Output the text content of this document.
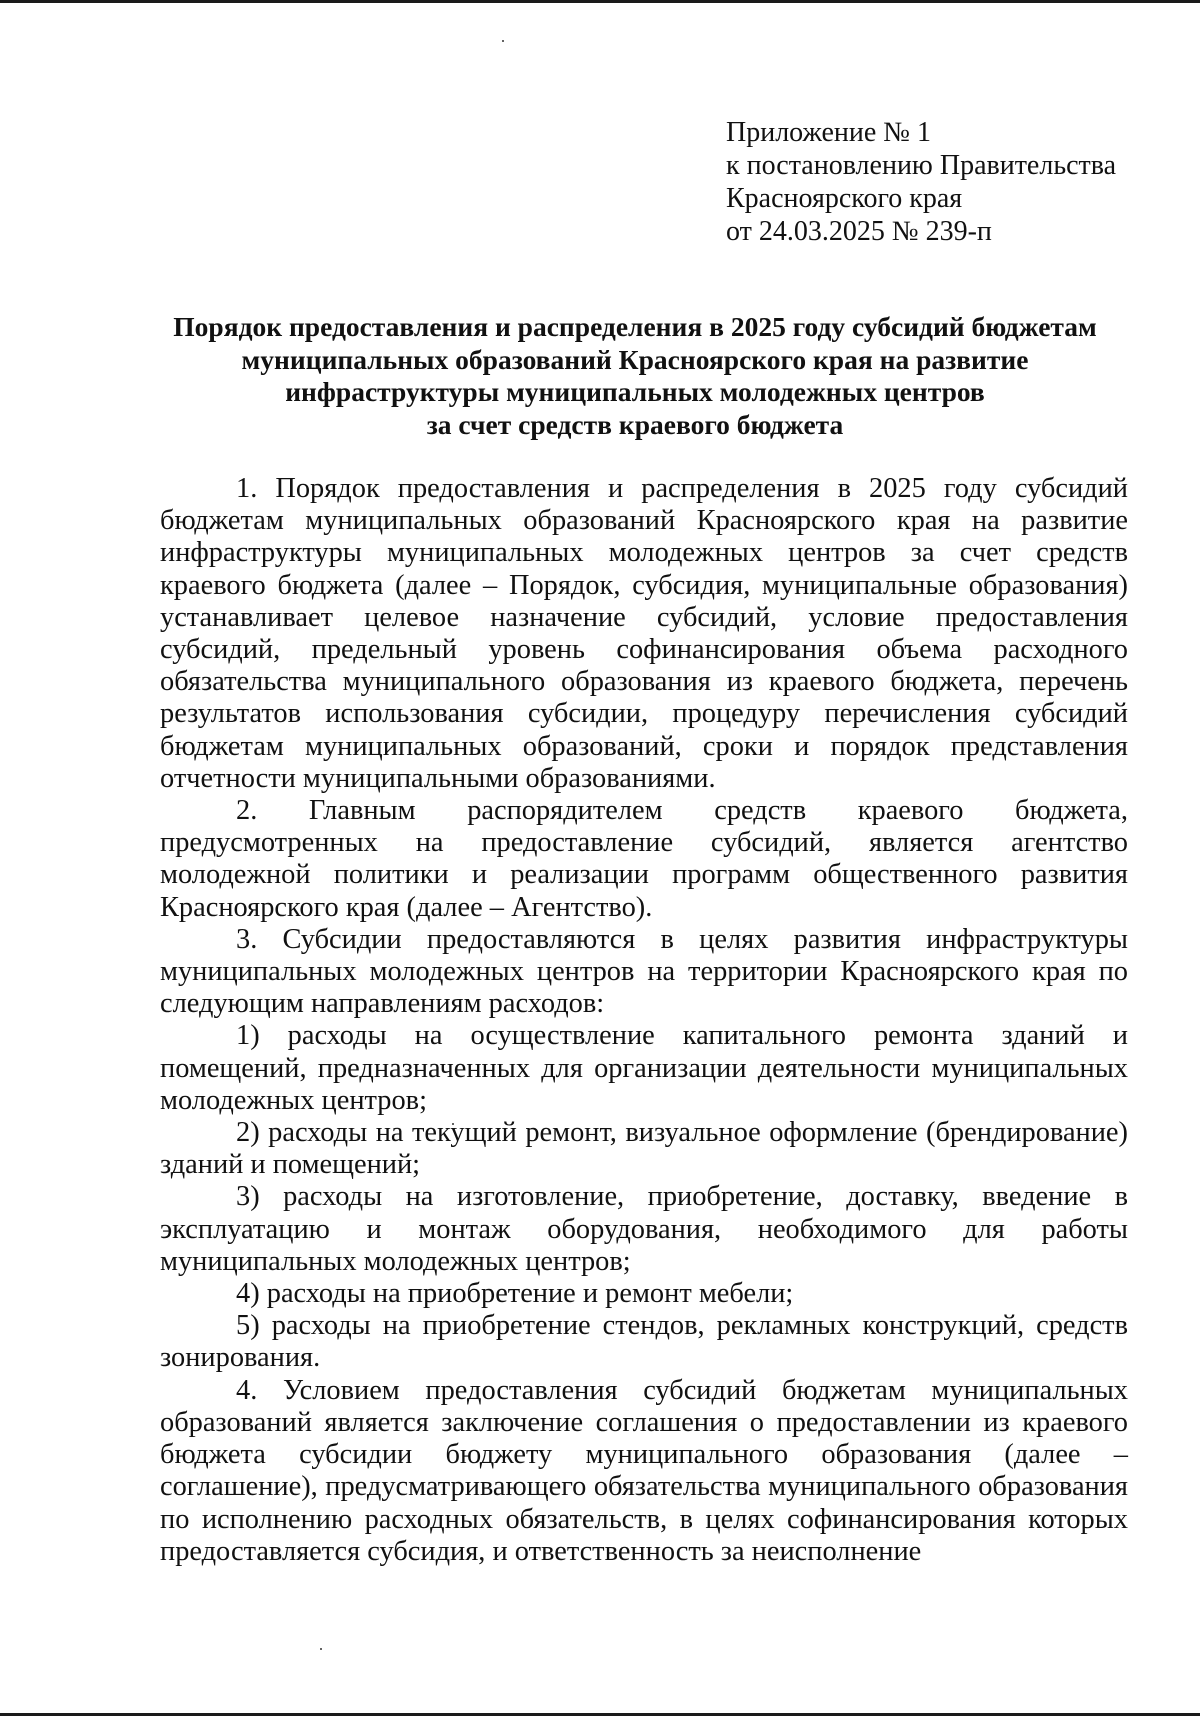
Приложение № 1
к постановлению Правительства
Красноярского края
от 24.03.2025 № 239-п
Порядок предоставления и распределения в 2025 году субсидий бюджетам
муниципальных образований Красноярского края на развитие
инфраструктуры муниципальных молодежных центров
за счет средств краевого бюджета

1. Порядок предоставления и распределения в 2025 году субсидий бюджетам муниципальных образований Красноярского края на развитие инфраструктуры муниципальных молодежных центров за счет средств краевого бюджета (далее – Порядок, субсидия, муниципальные образования) устанавливает целевое назначение субсидий, условие предоставления субсидий, предельный уровень софинансирования объема расходного обязательства муниципального образования из краевого бюджета, перечень результатов использования субсидии, процедуру перечисления субсидий бюджетам муниципальных образований, сроки и порядок представления отчетности муниципальными образованиями.

2. Главным распорядителем средств краевого бюджета, предусмотренных на предоставление субсидий, является агентство молодежной политики и реализации программ общественного развития Красноярского края (далее – Агентство).

3. Субсидии предоставляются в целях развития инфраструктуры муниципальных молодежных центров на территории Красноярского края по следующим направлениям расходов:

1) расходы на осуществление капитального ремонта зданий и помещений, предназначенных для организации деятельности муниципальных молодежных центров;

2) расходы на текущий ремонт, визуальное оформление (брендирование) зданий и помещений;

3) расходы на изготовление, приобретение, доставку, введение в эксплуатацию и монтаж оборудования, необходимого для работы муниципальных молодежных центров;

4) расходы на приобретение и ремонт мебели;

5) расходы на приобретение стендов, рекламных конструкций, средств зонирования.

4. Условием предоставления субсидий бюджетам муниципальных образований является заключение соглашения о предоставлении из краевого бюджета субсидии бюджету муниципального образования (далее – соглашение), предусматривающего обязательства муниципального образования по исполнению расходных обязательств, в целях софинансирования которых предоставляется субсидия, и ответственность за неисполнение
